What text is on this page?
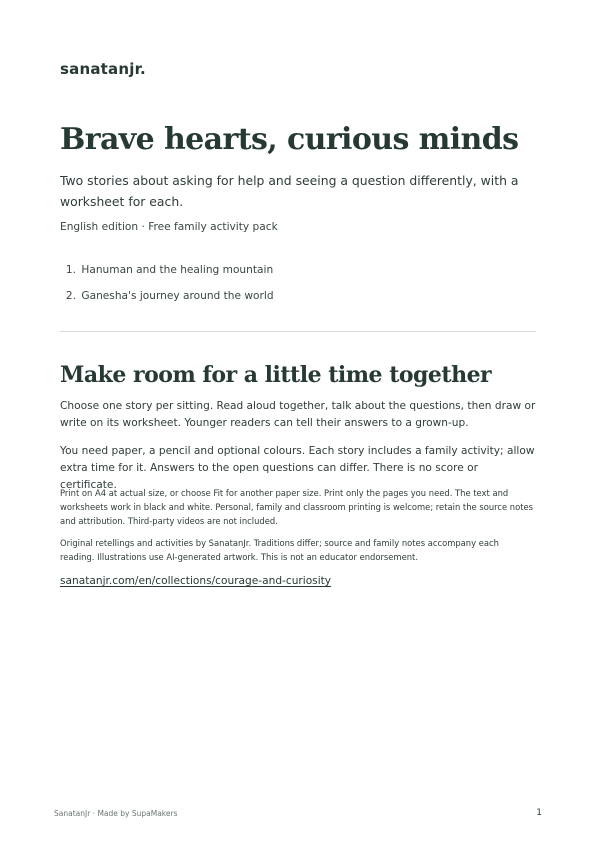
sanatanjr.
Brave hearts, curious minds

Two stories about asking for help and seeing a question differently, with a worksheet for each.

English edition · Free family activity pack

1. Hanuman and the healing mountain
2. Ganesha's journey around the world
Make room for a little time together

Choose one story per sitting. Read aloud together, talk about the questions, then draw or write on its worksheet. Younger readers can tell their answers to a grown-up.

You need paper, a pencil and optional colours. Each story includes a family activity; allow extra time for it. Answers to the open questions can differ. There is no score or certificate.

Print on A4 at actual size, or choose Fit for another paper size. Print only the pages you need. The text and worksheets work in black and white. Personal, family and classroom printing is welcome; retain the source notes and attribution. Third-party videos are not included.

Original retellings and activities by SanatanJr. Traditions differ; source and family notes accompany each reading. Illustrations use AI-generated artwork. This is not an educator endorsement.

sanatanjr.com/en/collections/courage-and-curiosity
SanatanJr · Made by SupaMakers	1
